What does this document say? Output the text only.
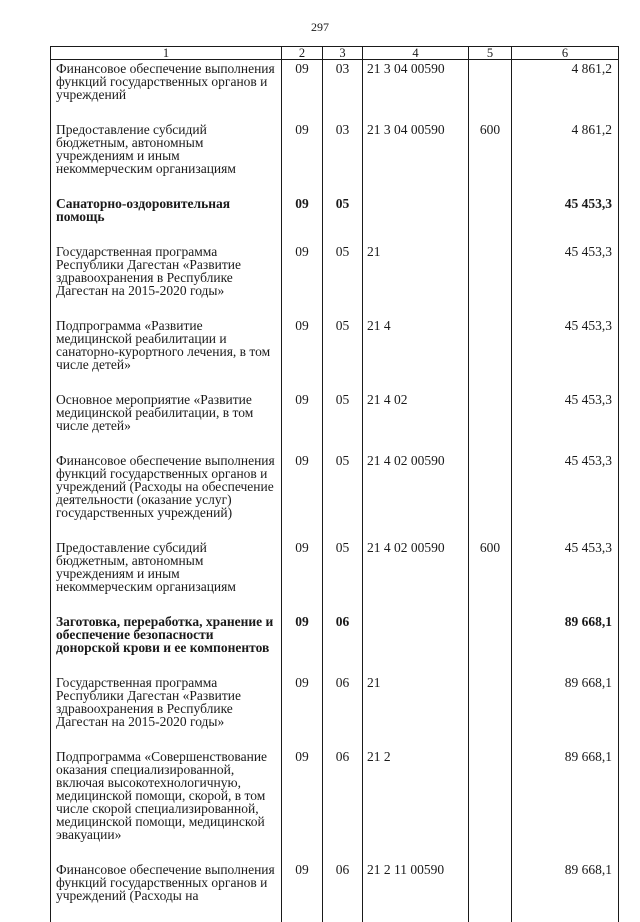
297
1	2	3	4	5	6
Финансовое обеспечение выполнения функций государственных органов и учреждений	09	03	21 3 04 00590		4 861,2
Предоставление субсидий бюджетным, автономным учреждениям и иным некоммерческим организациям	09	03	21 3 04 00590	600	4 861,2
Санаторно-оздоровительная помощь	09	05			45 453,3
Государственная программа Республики Дагестан «Развитие здравоохранения в Республике Дагестан на 2015-2020 годы»	09	05	21		45 453,3
Подпрограмма «Развитие медицинской реабилитации и санаторно-курортного лечения, в том числе детей»	09	05	21 4		45 453,3
Основное мероприятие «Развитие медицинской реабилитации, в том числе детей»	09	05	21 4 02		45 453,3
Финансовое обеспечение выполнения функций государственных органов и учреждений (Расходы на обеспечение деятельности (оказание услуг) государственных учреждений)	09	05	21 4 02 00590		45 453,3
Предоставление субсидий бюджетным, автономным учреждениям и иным некоммерческим организациям	09	05	21 4 02 00590	600	45 453,3
Заготовка, переработка, хранение и обеспечение безопасности донорской крови и ее компонентов	09	06			89 668,1
Государственная программа Республики Дагестан «Развитие здравоохранения в Республике Дагестан на 2015-2020 годы»	09	06	21		89 668,1
Подпрограмма «Совершенствование оказания специализированной, включая высокотехнологичную, медицинской помощи, скорой, в том числе скорой специализированной, медицинской помощи, медицинской эвакуации»	09	06	21 2		89 668,1
Финансовое обеспечение выполнения функций государственных органов и учреждений (Расходы на	09	06	21 2 11 00590		89 668,1
